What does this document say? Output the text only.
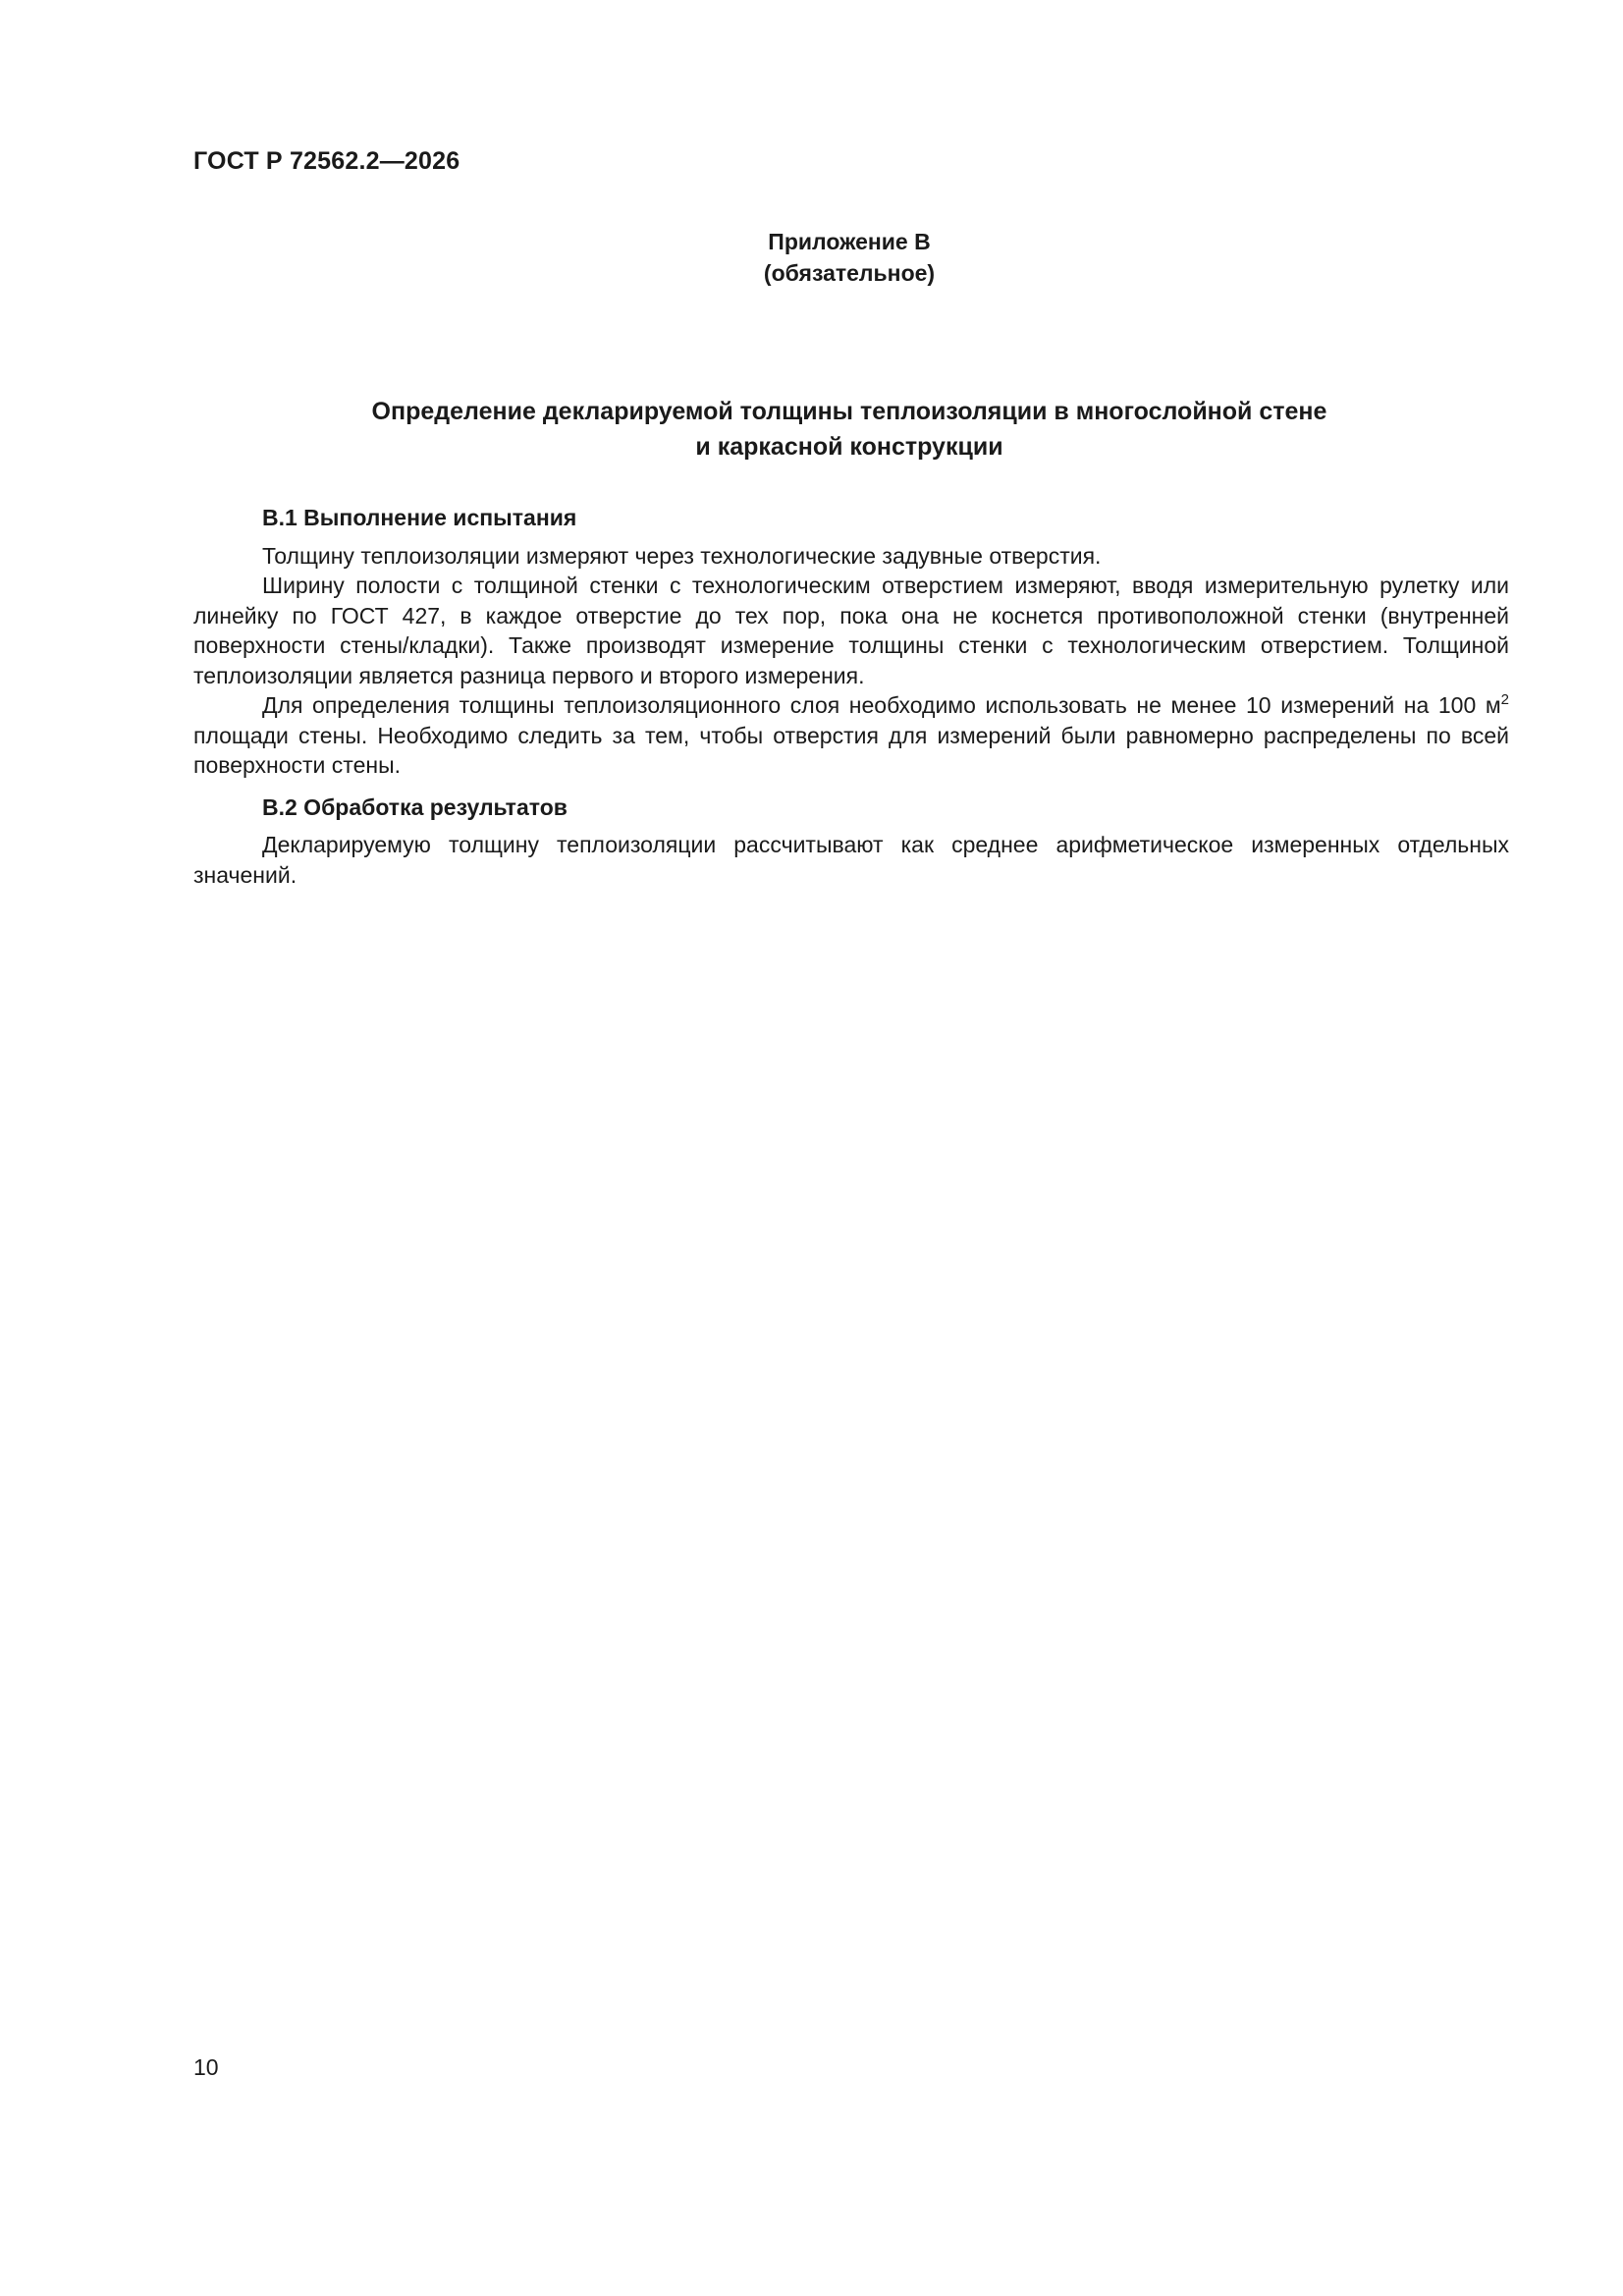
ГОСТ Р 72562.2—2026
Приложение В
(обязательное)
Определение декларируемой толщины теплоизоляции в многослойной стене
и каркасной конструкции

В.1 Выполнение испытания

Толщину теплоизоляции измеряют через технологические задувные отверстия.

Ширину полости с толщиной стенки с технологическим отверстием измеряют, вводя измерительную рулетку или линейку по ГОСТ 427, в каждое отверстие до тех пор, пока она не коснется противоположной стенки (внутренней поверхности стены/кладки). Также производят измерение толщины стенки с технологическим отверстием. Толщиной теплоизоляции является разница первого и второго измерения.

Для определения толщины теплоизоляционного слоя необходимо использовать не менее 10 измерений на 100 $м^2$ площади стены. Необходимо следить за тем, чтобы отверстия для измерений были равномерно распределены по всей поверхности стены.

В.2 Обработка результатов

Декларируемую толщину теплоизоляции рассчитывают как среднее арифметическое измеренных отдельных значений.

10
